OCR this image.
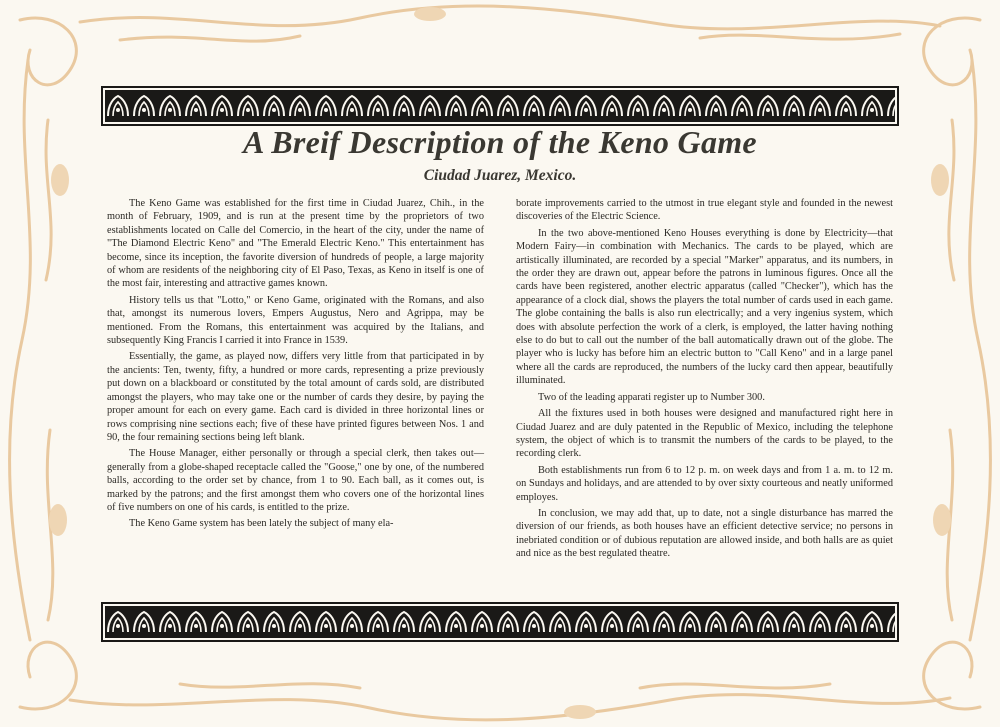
A Breif Description of the Keno Game
Ciudad Juarez, Mexico.

The Keno Game was established for the first time in Ciudad Juarez, Chih., in the month of February, 1909, and is run at the present time by the proprietors of two establishments located on Calle del Comercio, in the heart of the city, under the name of "The Diamond Electric Keno" and "The Emerald Electric Keno." This entertainment has become, since its inception, the favorite diversion of hundreds of people, a large majority of whom are residents of the neighboring city of El Paso, Texas, as Keno in itself is one of the most fair, interesting and attractive games known.

History tells us that "Lotto," or Keno Game, originated with the Romans, and also that, amongst its numerous lovers, Empers Augustus, Nero and Agrippa, may be mentioned. From the Romans, this entertainment was acquired by the Italians, and subsequently King Francis I carried it into France in 1539.

Essentially, the game, as played now, differs very little from that participated in by the ancients: Ten, twenty, fifty, a hundred or more cards, representing a prize previously put down on a blackboard or constituted by the total amount of cards sold, are distributed amongst the players, who may take one or the number of cards they desire, by paying the proper amount for each on every game. Each card is divided in three horizontal lines or rows comprising nine sections each; five of these have printed figures between Nos. 1 and 90, the four remaining sections being left blank.

The House Manager, either personally or through a special clerk, then takes out—generally from a globe-shaped receptacle called the "Goose," one by one, of the numbered balls, according to the order set by chance, from 1 to 90. Each ball, as it comes out, is marked by the patrons; and the first amongst them who covers one of the horizontal lines of five numbers on one of his cards, is entitled to the prize.

The Keno Game system has been lately the subject of many ela-

borate improvements carried to the utmost in true elegant style and founded in the newest discoveries of the Electric Science.

In the two above-mentioned Keno Houses everything is done by Electricity—that Modern Fairy—in combination with Mechanics. The cards to be played, which are artistically illuminated, are recorded by a special "Marker" apparatus, and its numbers, in the order they are drawn out, appear before the patrons in luminous figures. Once all the cards have been registered, another electric apparatus (called "Checker"), which has the appearance of a clock dial, shows the players the total number of cards used in each game. The globe containing the balls is also run electrically; and a very ingenius system, which does with absolute perfection the work of a clerk, is employed, the latter having nothing else to do but to call out the number of the ball automatically drawn out of the globe. The player who is lucky has before him an electric button to "Call Keno" and in a large panel where all the cards are reproduced, the numbers of the lucky card then appear, beautifully illuminated.

Two of the leading apparati register up to Number 300.

All the fixtures used in both houses were designed and manufactured right here in Ciudad Juarez and are duly patented in the Republic of Mexico, including the telephone system, the object of which is to transmit the numbers of the cards to be played, to the recording clerk.

Both establishments run from 6 to 12 p. m. on week days and from 1 a. m. to 12 m. on Sundays and holidays, and are attended to by over sixty courteous and neatly uniformed employes.

In conclusion, we may add that, up to date, not a single disturbance has marred the diversion of our friends, as both houses have an efficient detective service; no persons in inebriated condition or of dubious reputation are allowed inside, and both halls are as quiet and nice as the best regulated theatre.
